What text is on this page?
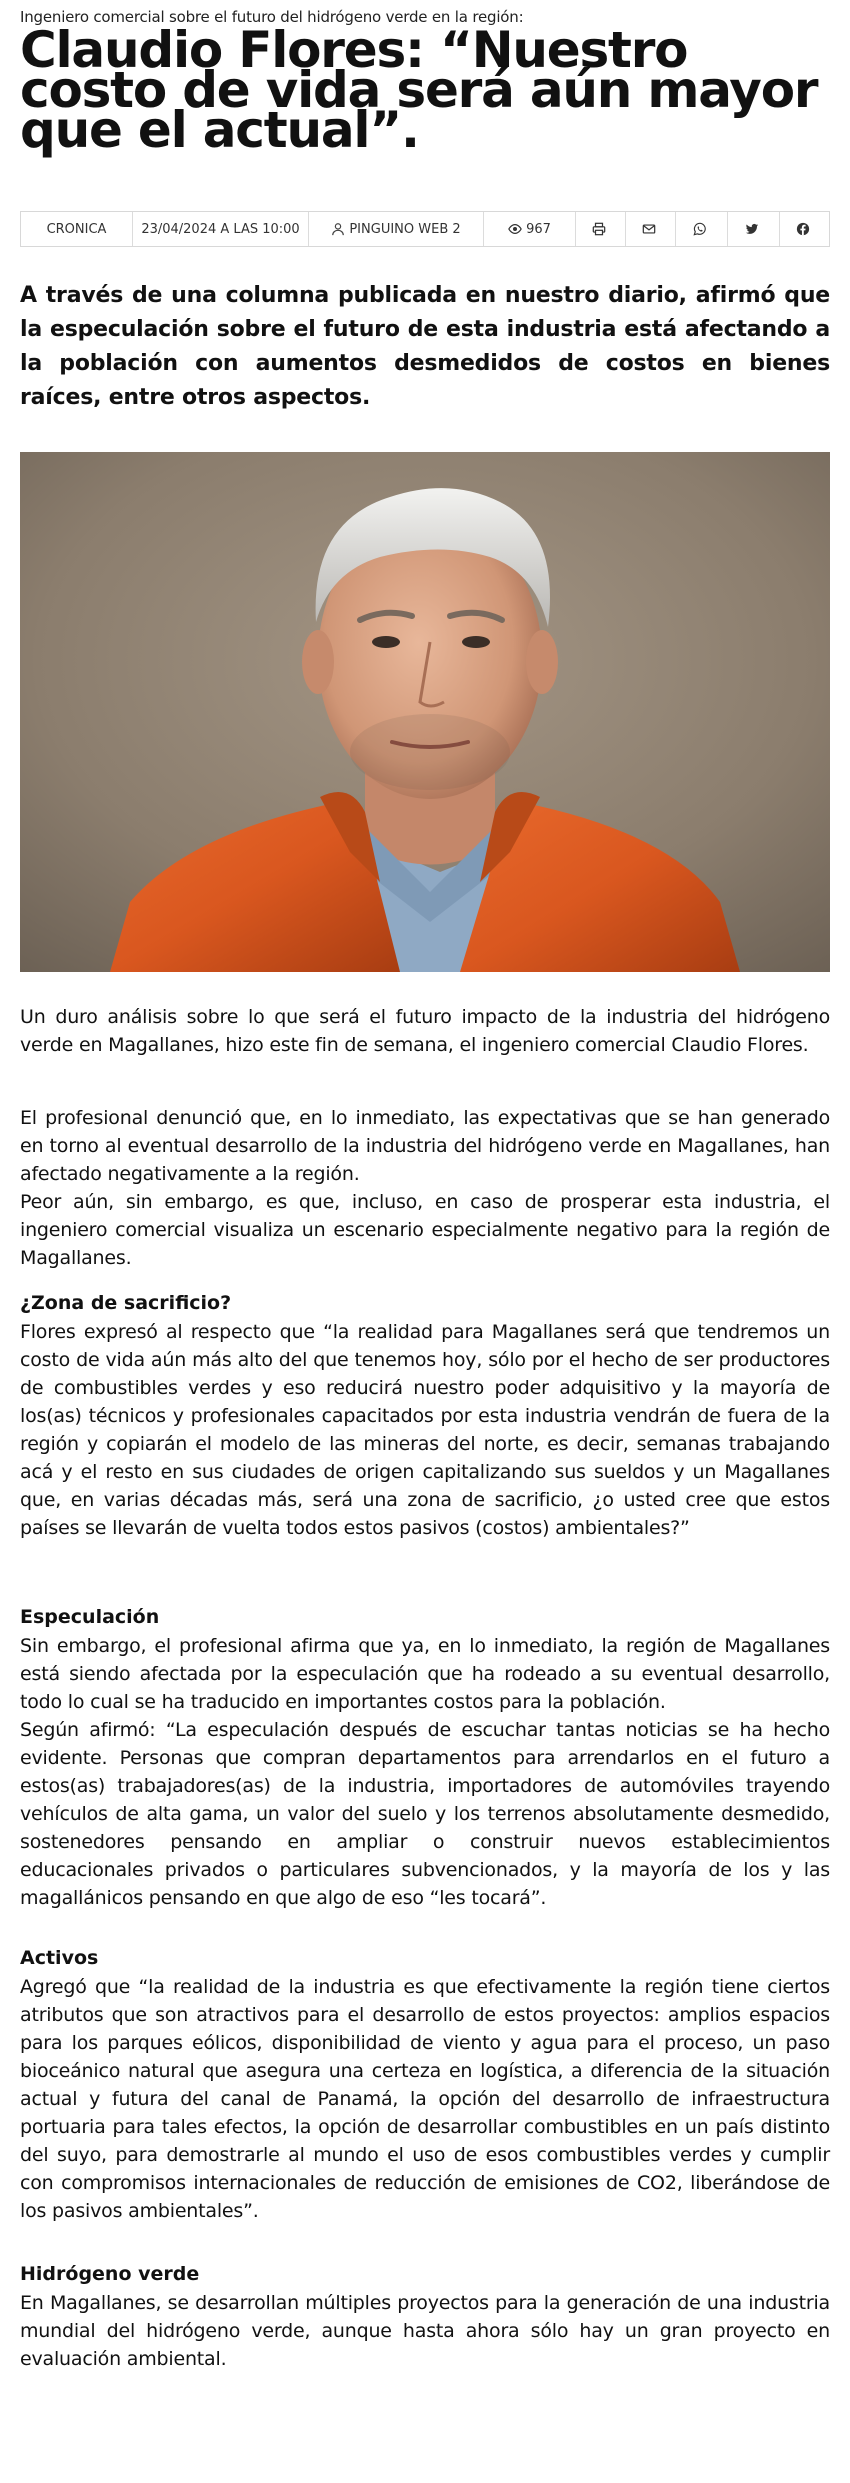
Ingeniero comercial sobre el futuro del hidrógeno verde en la región:
Claudio Flores: “Nuestro costo de vida será aún mayor que el actual”.
CRONICA	23/04/2024 A LAS 10:00	PINGUINO WEB 2	967

A través de una columna publicada en nuestro diario, afirmó que la especulación sobre el futuro de esta industria está afectando a la población con aumentos desmedidos de costos en bienes raíces, entre otros aspectos.

Un duro análisis sobre lo que será el futuro impacto de la industria del hidrógeno verde en Magallanes, hizo este fin de semana, el ingeniero comercial Claudio Flores.

El profesional denunció que, en lo inmediato, las expectativas que se han generado en torno al eventual desarrollo de la industria del hidrógeno verde en Magallanes, han afectado negativamente a la región.

Peor aún, sin embargo, es que, incluso, en caso de prosperar esta industria, el ingeniero comercial visualiza un escenario especialmente negativo para la región de Magallanes.

¿Zona de sacrificio?

Flores expresó al respecto que “la realidad para Magallanes será que tendremos un costo de vida aún más alto del que tenemos hoy, sólo por el hecho de ser productores de combustibles verdes y eso reducirá nuestro poder adquisitivo y la mayoría de los(as) técnicos y profesionales capacitados por esta industria vendrán de fuera de la región y copiarán el modelo de las mineras del norte, es decir, semanas trabajando acá y el resto en sus ciudades de origen capitalizando sus sueldos y un Magallanes que, en varias décadas más, será una zona de sacrificio, ¿o usted cree que estos países se llevarán de vuelta todos estos pasivos (costos) ambientales?”

Especulación

Sin embargo, el profesional afirma que ya, en lo inmediato, la región de Magallanes está siendo afectada por la especulación que ha rodeado a su eventual desarrollo, todo lo cual se ha traducido en importantes costos para la población.

Según afirmó: “La especulación después de escuchar tantas noticias se ha hecho evidente. Personas que compran departamentos para arrendarlos en el futuro a estos(as) trabajadores(as) de la industria, importadores de automóviles trayendo vehículos de alta gama, un valor del suelo y los terrenos absolutamente desmedido, sostenedores pensando en ampliar o construir nuevos establecimientos educacionales privados o particulares subvencionados, y la mayoría de los y las magallánicos pensando en que algo de eso “les tocará”.

Activos

Agregó que “la realidad de la industria es que efectivamente la región tiene ciertos atributos que son atractivos para el desarrollo de estos proyectos: amplios espacios para los parques eólicos, disponibilidad de viento y agua para el proceso, un paso bioceánico natural que asegura una certeza en logística, a diferencia de la situación actual y futura del canal de Panamá, la opción del desarrollo de infraestructura portuaria para tales efectos, la opción de desarrollar combustibles en un país distinto del suyo, para demostrarle al mundo el uso de esos combustibles verdes y cumplir con compromisos internacionales de reducción de emisiones de CO2, liberándose de los pasivos ambientales”.

Hidrógeno verde

En Magallanes, se desarrollan múltiples proyectos para la generación de una industria mundial del hidrógeno verde, aunque hasta ahora sólo hay un gran proyecto en evaluación ambiental.
